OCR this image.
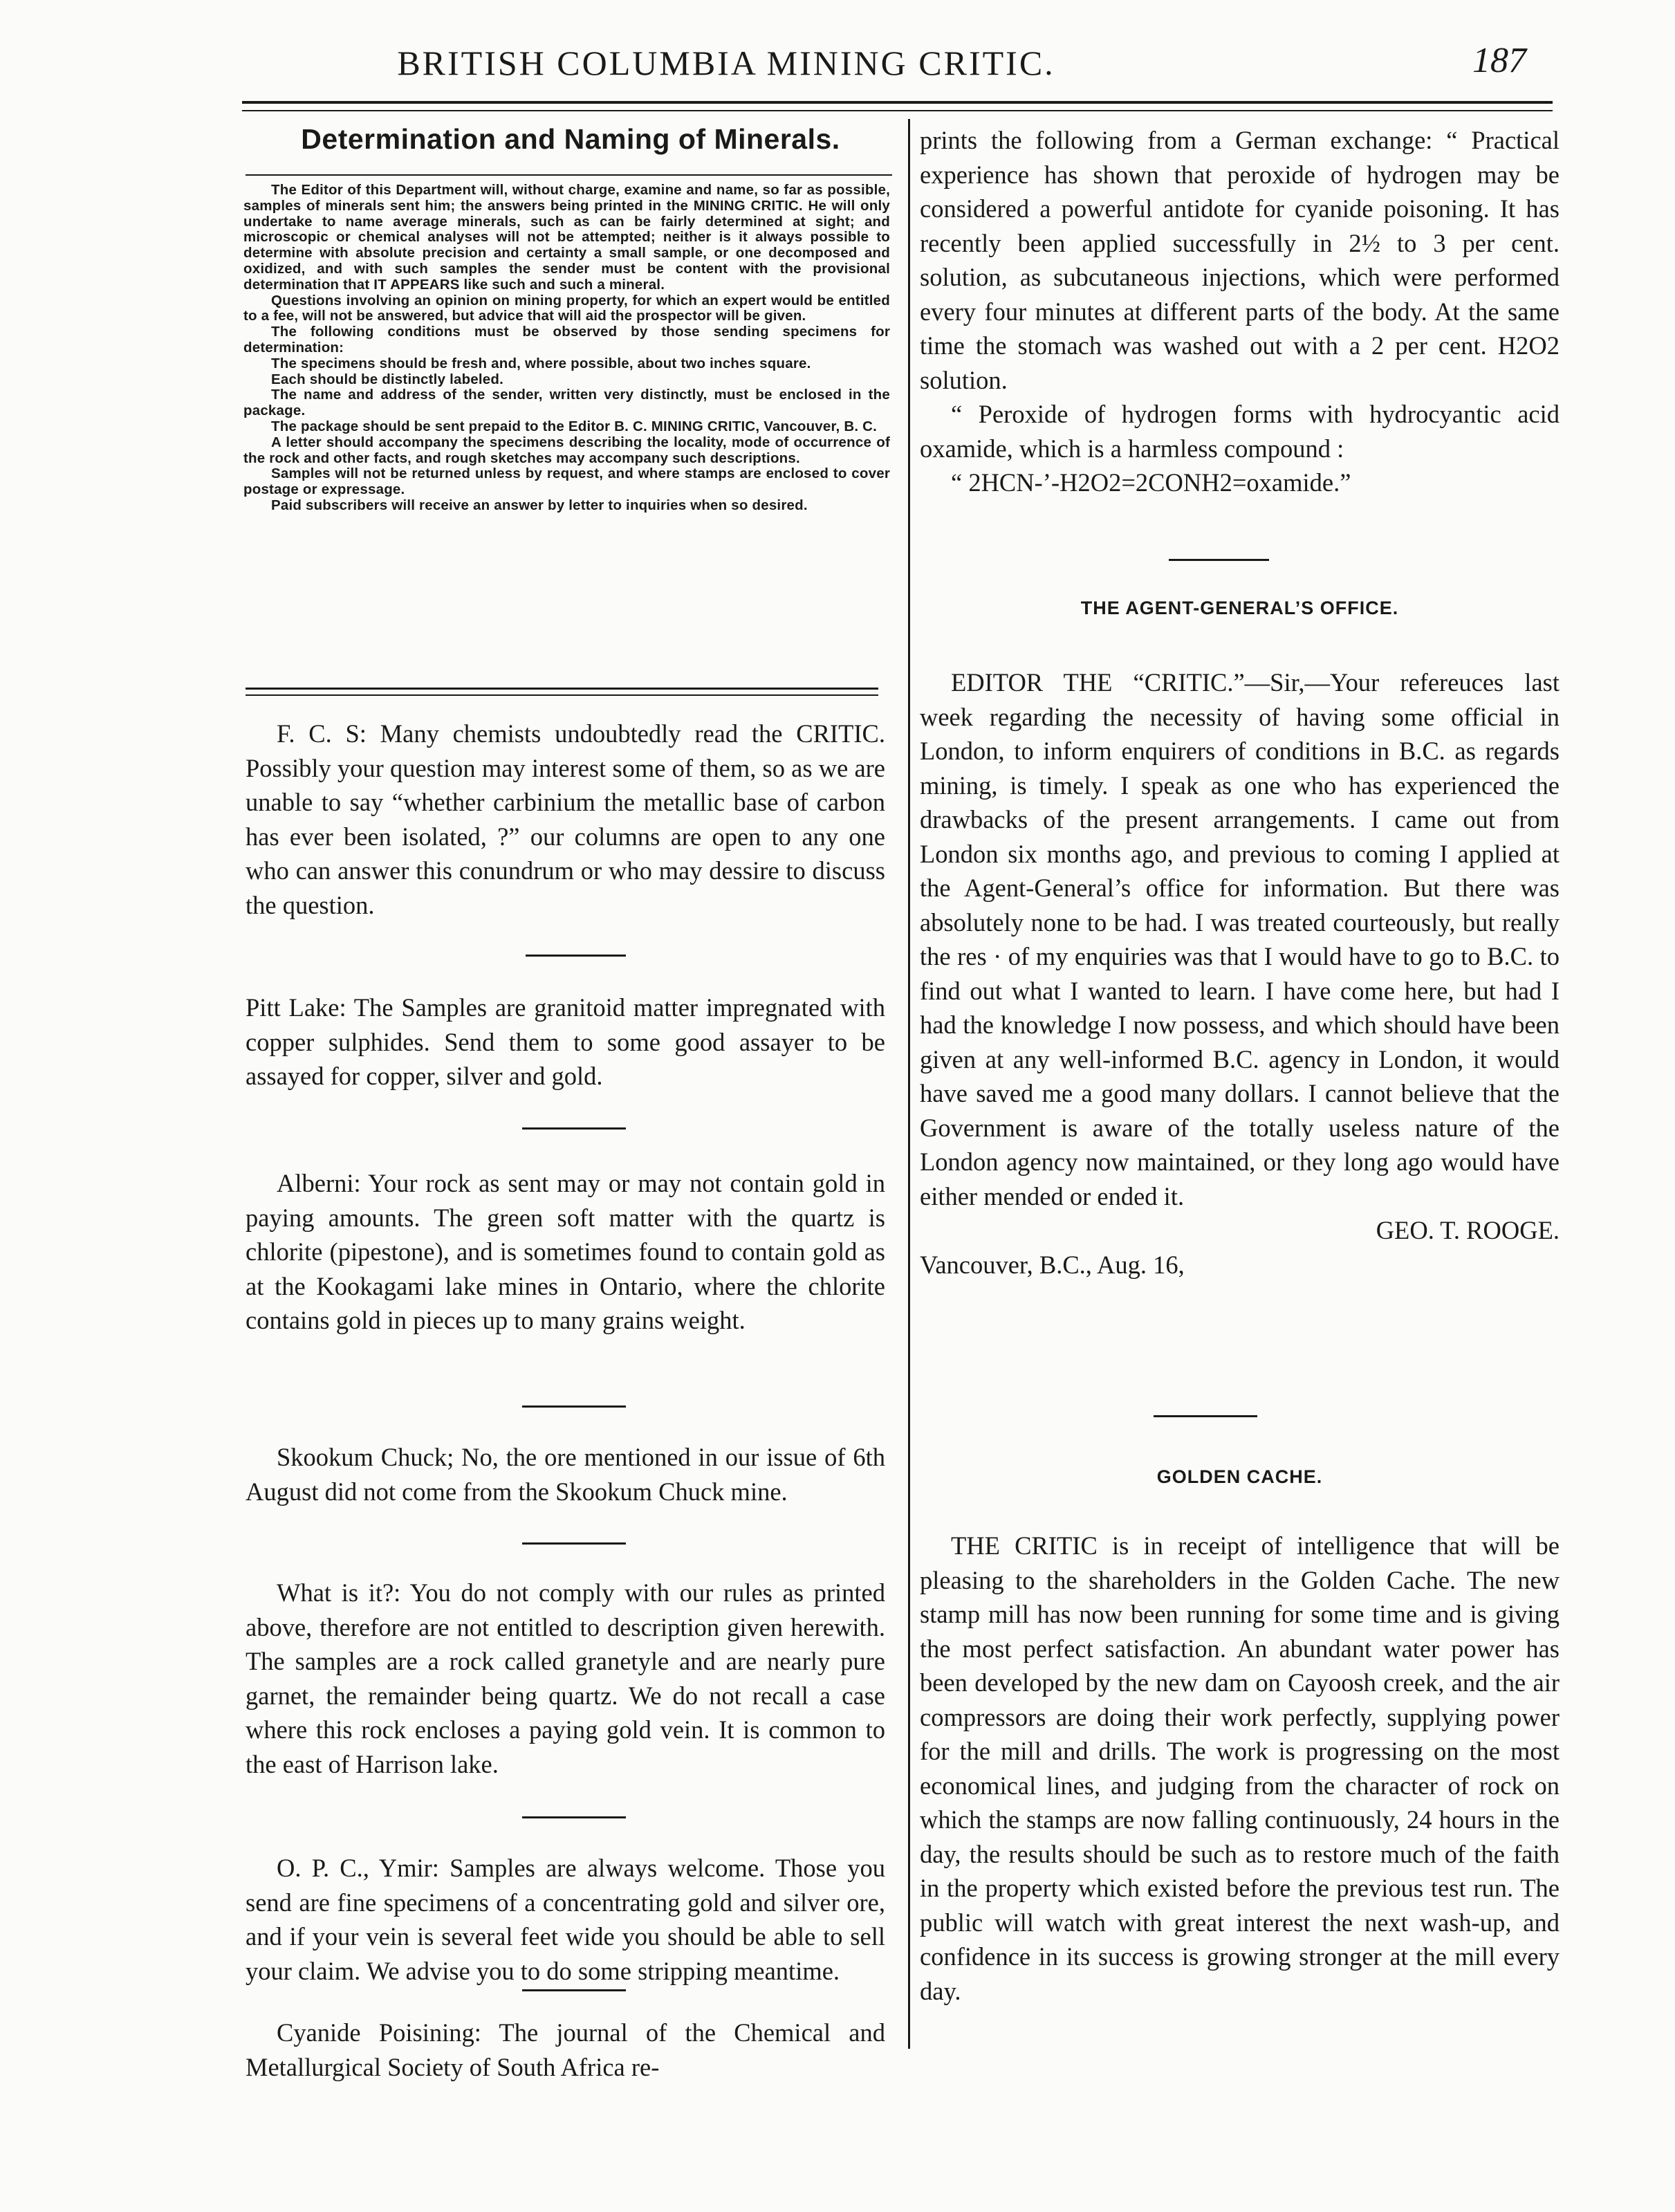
BRITISH COLUMBIA MINING CRITIC.	187
Determination and Naming of Minerals.

The Editor of this Department will, without charge, examine and name, so far as possible, samples of minerals sent him; the answers being printed in the MINING CRITIC. He will only undertake to name average minerals, such as can be fairly determined at sight; and microscopic or chemical analyses will not be attempted; neither is it always possible to determine with absolute precision and certainty a small sample, or one decomposed and oxidized, and with such samples the sender must be content with the provisional determination that IT APPEARS like such and such a mineral.

Questions involving an opinion on mining property, for which an expert would be entitled to a fee, will not be answered, but advice that will aid the prospector will be given.

The following conditions must be observed by those sending specimens for determination:

The specimens should be fresh and, where possible, about two inches square.

Each should be distinctly labeled.

The name and address of the sender, written very distinctly, must be enclosed in the package.

The package should be sent prepaid to the Editor B. C. MINING CRITIC, Vancouver, B. C.

A letter should accompany the specimens describing the locality, mode of occurrence of the rock and other facts, and rough sketches may accompany such descriptions.

Samples will not be returned unless by request, and where stamps are enclosed to cover postage or expressage.

Paid subscribers will receive an answer by letter to inquiries when so desired.

F. C. S: Many chemists undoubtedly read the CRITIC. Possibly your question may interest some of them, so as we are unable to say “whether carbinium the metallic base of carbon has ever been isolated, ?” our columns are open to any one who can answer this conundrum or who may dessire to discuss the question.

Pitt Lake: The Samples are granitoid matter impregnated with copper sulphides. Send them to some good assayer to be assayed for copper, silver and gold.

Alberni: Your rock as sent may or may not contain gold in paying amounts. The green soft matter with the quartz is chlorite (pipestone), and is sometimes found to contain gold as at the Kookagami lake mines in Ontario, where the chlorite contains gold in pieces up to many grains weight.

Skookum Chuck; No, the ore mentioned in our issue of 6th August did not come from the Skookum Chuck mine.

What is it?: You do not comply with our rules as printed above, therefore are not entitled to description given herewith. The samples are a rock called granetyle and are nearly pure garnet, the remainder being quartz. We do not recall a case where this rock encloses a paying gold vein. It is common to the east of Harrison lake.

O. P. C., Ymir: Samples are always welcome. Those you send are fine specimens of a concentrating gold and silver ore, and if your vein is several feet wide you should be able to sell your claim. We advise you to do some stripping meantime.

Cyanide Poisining: The journal of the Chemical and Metallurgical Society of South Africa re-

prints the following from a German exchange: “ Practical experience has shown that peroxide of hydrogen may be considered a powerful antidote for cyanide poisoning. It has recently been applied successfully in 2½ to 3 per cent. solution, as subcutaneous injections, which were performed every four minutes at different parts of the body. At the same time the stomach was washed out with a 2 per cent. H2O2 solution.

“ Peroxide of hydrogen forms with hydrocyantic acid oxamide, which is a harmless compound :

“ 2HCN-’-H2O2=2CONH2=oxamide.”

THE AGENT-GENERAL’S OFFICE.

EDITOR THE “CRITIC.”—Sir,—Your refereuces last week regarding the necessity of having some official in London, to inform enquirers of conditions in B.C. as regards mining, is timely. I speak as one who has experienced the drawbacks of the present arrangements. I came out from London six months ago, and previous to coming I applied at the Agent-General’s office for information. But there was absolutely none to be had. I was treated courteously, but really the res · of my enquiries was that I would have to go to B.C. to find out what I wanted to learn. I have come here, but had I had the knowledge I now possess, and which should have been given at any well-informed B.C. agency in London, it would have saved me a good many dollars. I cannot believe that the Government is aware of the totally useless nature of the London agency now maintained, or they long ago would have either mended or ended it.

GEO. T. ROOGE.

Vancouver, B.C., Aug. 16,

GOLDEN CACHE.

THE CRITIC is in receipt of intelligence that will be pleasing to the shareholders in the Golden Cache. The new stamp mill has now been running for some time and is giving the most perfect satisfaction. An abundant water power has been developed by the new dam on Cayoosh creek, and the air compressors are doing their work perfectly, supplying power for the mill and drills. The work is progressing on the most economical lines, and judging from the character of rock on which the stamps are now falling continuously, 24 hours in the day, the results should be such as to restore much of the faith in the property which existed before the previous test run. The public will watch with great interest the next wash-up, and confidence in its success is growing stronger at the mill every day.
